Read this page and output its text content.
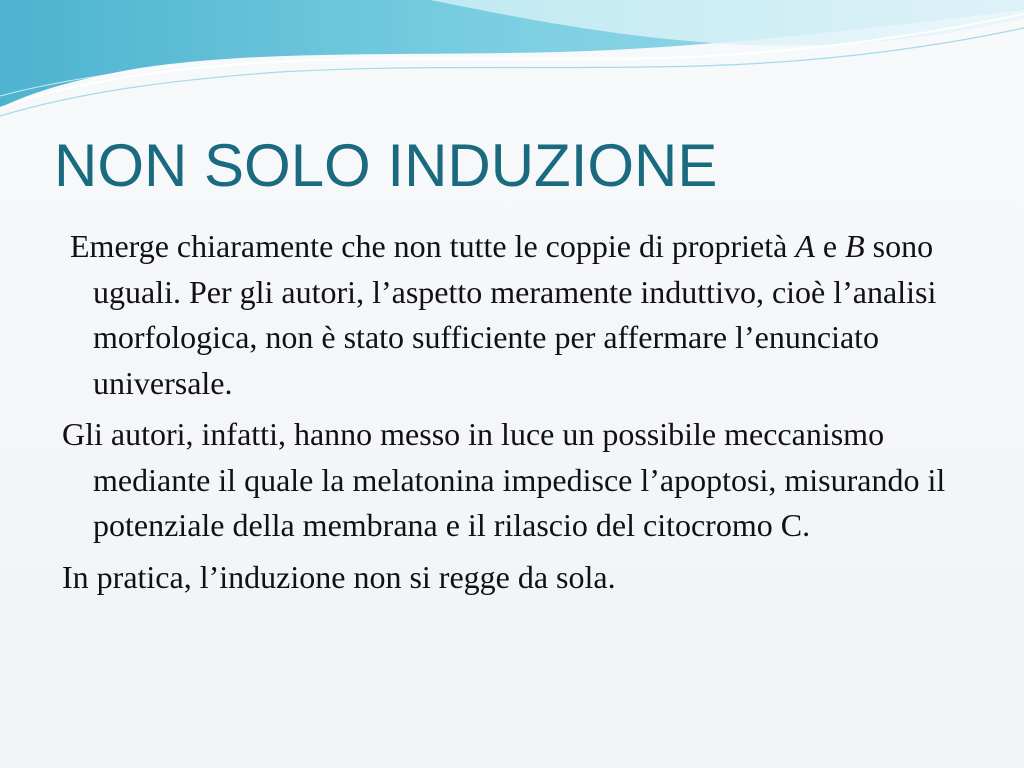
NON SOLO INDUZIONE
Emerge chiaramente che non tutte le coppie di proprietà A e B sono uguali. Per gli autori, l’aspetto meramente induttivo, cioè l’analisi morfologica, non è stato sufficiente per affermare l’enunciato universale.
Gli autori, infatti, hanno messo in luce un possibile meccanismo mediante il quale la melatonina impedisce l’apoptosi, misurando il potenziale della membrana e il rilascio del citocromo C.
In pratica, l’induzione non si regge da sola.
